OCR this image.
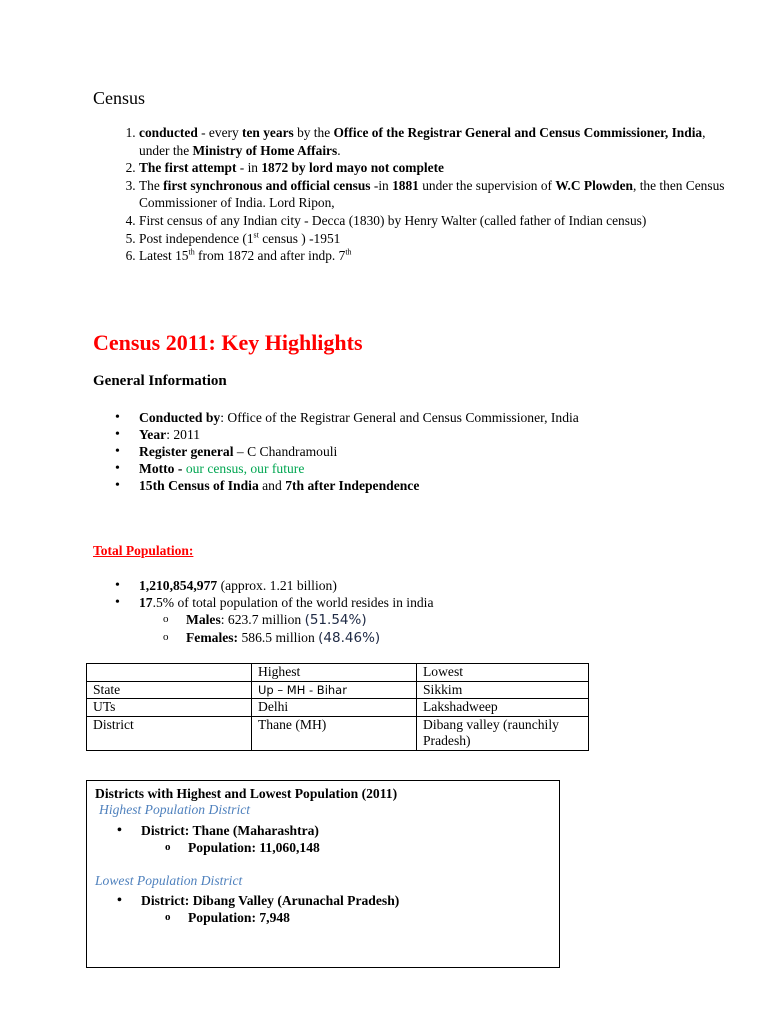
Census
1. conducted - every ten years by the Office of the Registrar General and Census Commissioner, India, under the Ministry of Home Affairs.
2. The first attempt - in 1872 by lord mayo not complete
3. The first synchronous and official census -in 1881 under the supervision of W.C Plowden, the then Census Commissioner of India. Lord Ripon,
4. First census of any Indian city - Decca (1830) by Henry Walter (called father of Indian census)
5. Post independence (1st census ) -1951
6. Latest 15th from 1872 and after indp. 7th
Census 2011: Key Highlights
General Information
• Conducted by: Office of the Registrar General and Census Commissioner, India
• Year: 2011
• Register general – C Chandramouli
• Motto - our census, our future
• 15th Census of India and 7th after Independence
Total Population:
• 1,210,854,977 (approx. 1.21 billion)
• 17.5% of total population of the world resides in india
o Males: 623.7 million (51.54%)
o Females: 586.5 million (48.46%)
	Highest	Lowest
State	Up – MH - Bihar	Sikkim
UTs	Delhi	Lakshadweep
District	Thane (MH)	Dibang valley (raunchily Pradesh)

Districts with Highest and Lowest Population (2011)

Highest Population District

• District: Thane (Maharashtra)
o Population: 11,060,148

Lowest Population District

• District: Dibang Valley (Arunachal Pradesh)
o Population: 7,948
